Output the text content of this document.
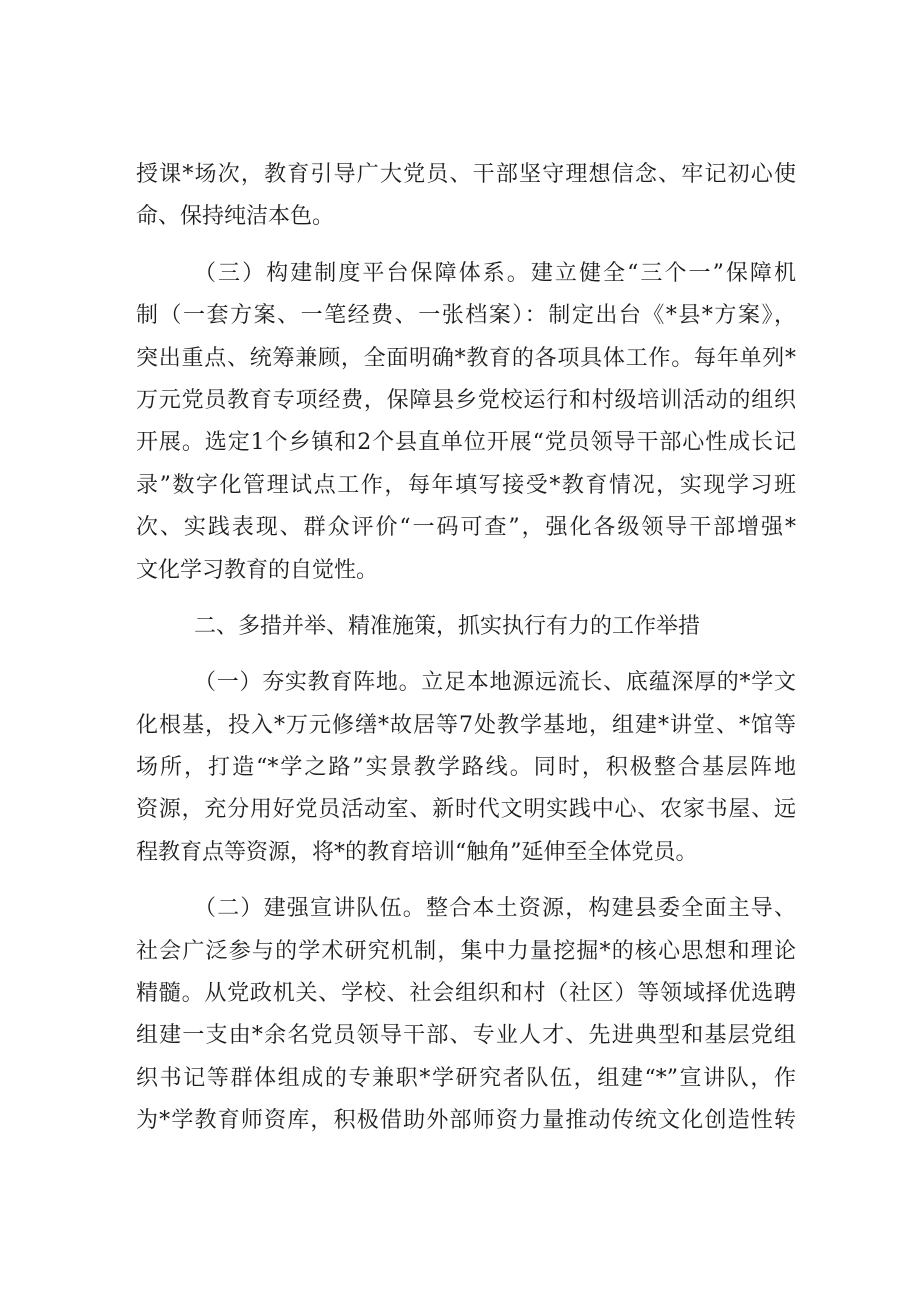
授课*场次，教育引导广大党员、干部坚守理想信念、牢记初心使
命、保持纯洁本色。
（三）构建制度平台保障体系。建立健全“三个一”保障机
制（一套方案、一笔经费、一张档案）：制定出台《*县*方案》，
突出重点、统筹兼顾，全面明确*教育的各项具体工作。每年单列*
万元党员教育专项经费，保障县乡党校运行和村级培训活动的组织
开展。选定1个乡镇和2个县直单位开展“党员领导干部心性成长记
录”数字化管理试点工作，每年填写接受*教育情况，实现学习班
次、实践表现、群众评价“一码可查”，强化各级领导干部增强*
文化学习教育的自觉性。
二、多措并举、精准施策，抓实执行有力的工作举措
（一）夯实教育阵地。立足本地源远流长、底蕴深厚的*学文
化根基，投入*万元修缮*故居等7处教学基地，组建*讲堂、*馆等
场所，打造“*学之路”实景教学路线。同时，积极整合基层阵地
资源，充分用好党员活动室、新时代文明实践中心、农家书屋、远
程教育点等资源，将*的教育培训“触角”延伸至全体党员。
（二）建强宣讲队伍。整合本土资源，构建县委全面主导、
社会广泛参与的学术研究机制，集中力量挖掘*的核心思想和理论
精髓。从党政机关、学校、社会组织和村（社区）等领域择优选聘
组建一支由*余名党员领导干部、专业人才、先进典型和基层党组
织书记等群体组成的专兼职*学研究者队伍，组建“*”宣讲队，作
为*学教育师资库，积极借助外部师资力量推动传统文化创造性转
